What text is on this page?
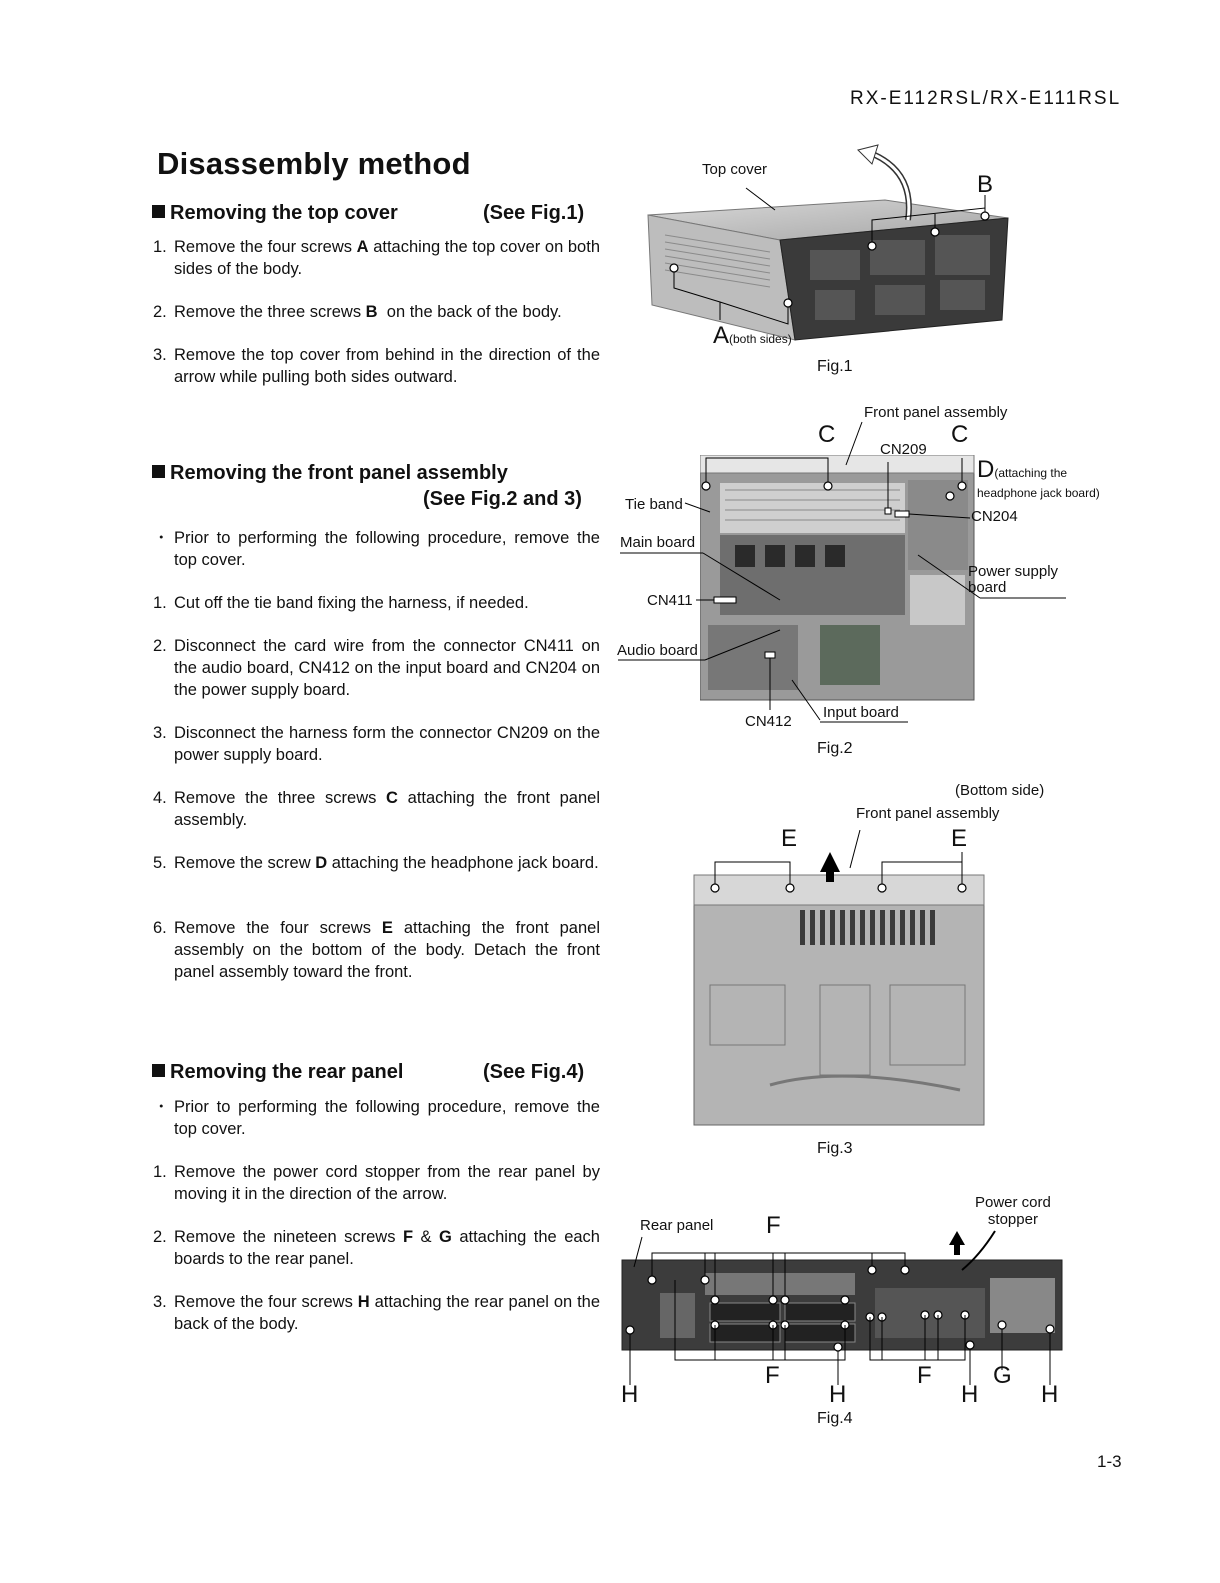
RX-E112RSL/RX-E111RSL
Disassembly method
Removing the top cover	(See Fig.1)
1. Remove the four screws A attaching the top cover on both sides of the body.
2. Remove the three screws B  on the back of the body.
3. Remove the top cover from behind in the direction of the arrow while pulling both sides outward.
Removing the front panel assembly
(See Fig.2 and 3)
・ Prior to performing the following procedure, remove the top cover.
1. Cut off the tie band fixing the harness, if needed.
2. Disconnect the card wire from the connector CN411 on the audio board, CN412 on the input board and CN204 on the power supply board.
3. Disconnect the harness form the connector CN209 on the power supply board.
4. Remove the three screws C attaching the front panel assembly.
5. Remove the screw D attaching the headphone jack board.
6. Remove the four screws E attaching the front panel assembly on the bottom of the body. Detach the front panel assembly toward the front.
Removing the rear panel	(See Fig.4)
・ Prior to performing the following procedure, remove the top cover.
1. Remove the power cord stopper from the rear panel by moving it in the direction of the arrow.
2. Remove the nineteen screws F & G attaching the each boards to the rear panel.
3. Remove the four screws H attaching the rear panel on the back of the body.
Top cover
B
A(both sides)
Fig.1
Front panel assembly
C	C
CN209
D(attaching the
headphone jack board)
CN204
Tie band
Main board
Power supply
board
CN411
Audio board
CN412
Input board
Fig.2
(Bottom side)
Front panel assembly
E	E
Fig.3
Rear panel F
Power cord
stopper
F	F	G
H	H	H	H
Fig.4
1-3
